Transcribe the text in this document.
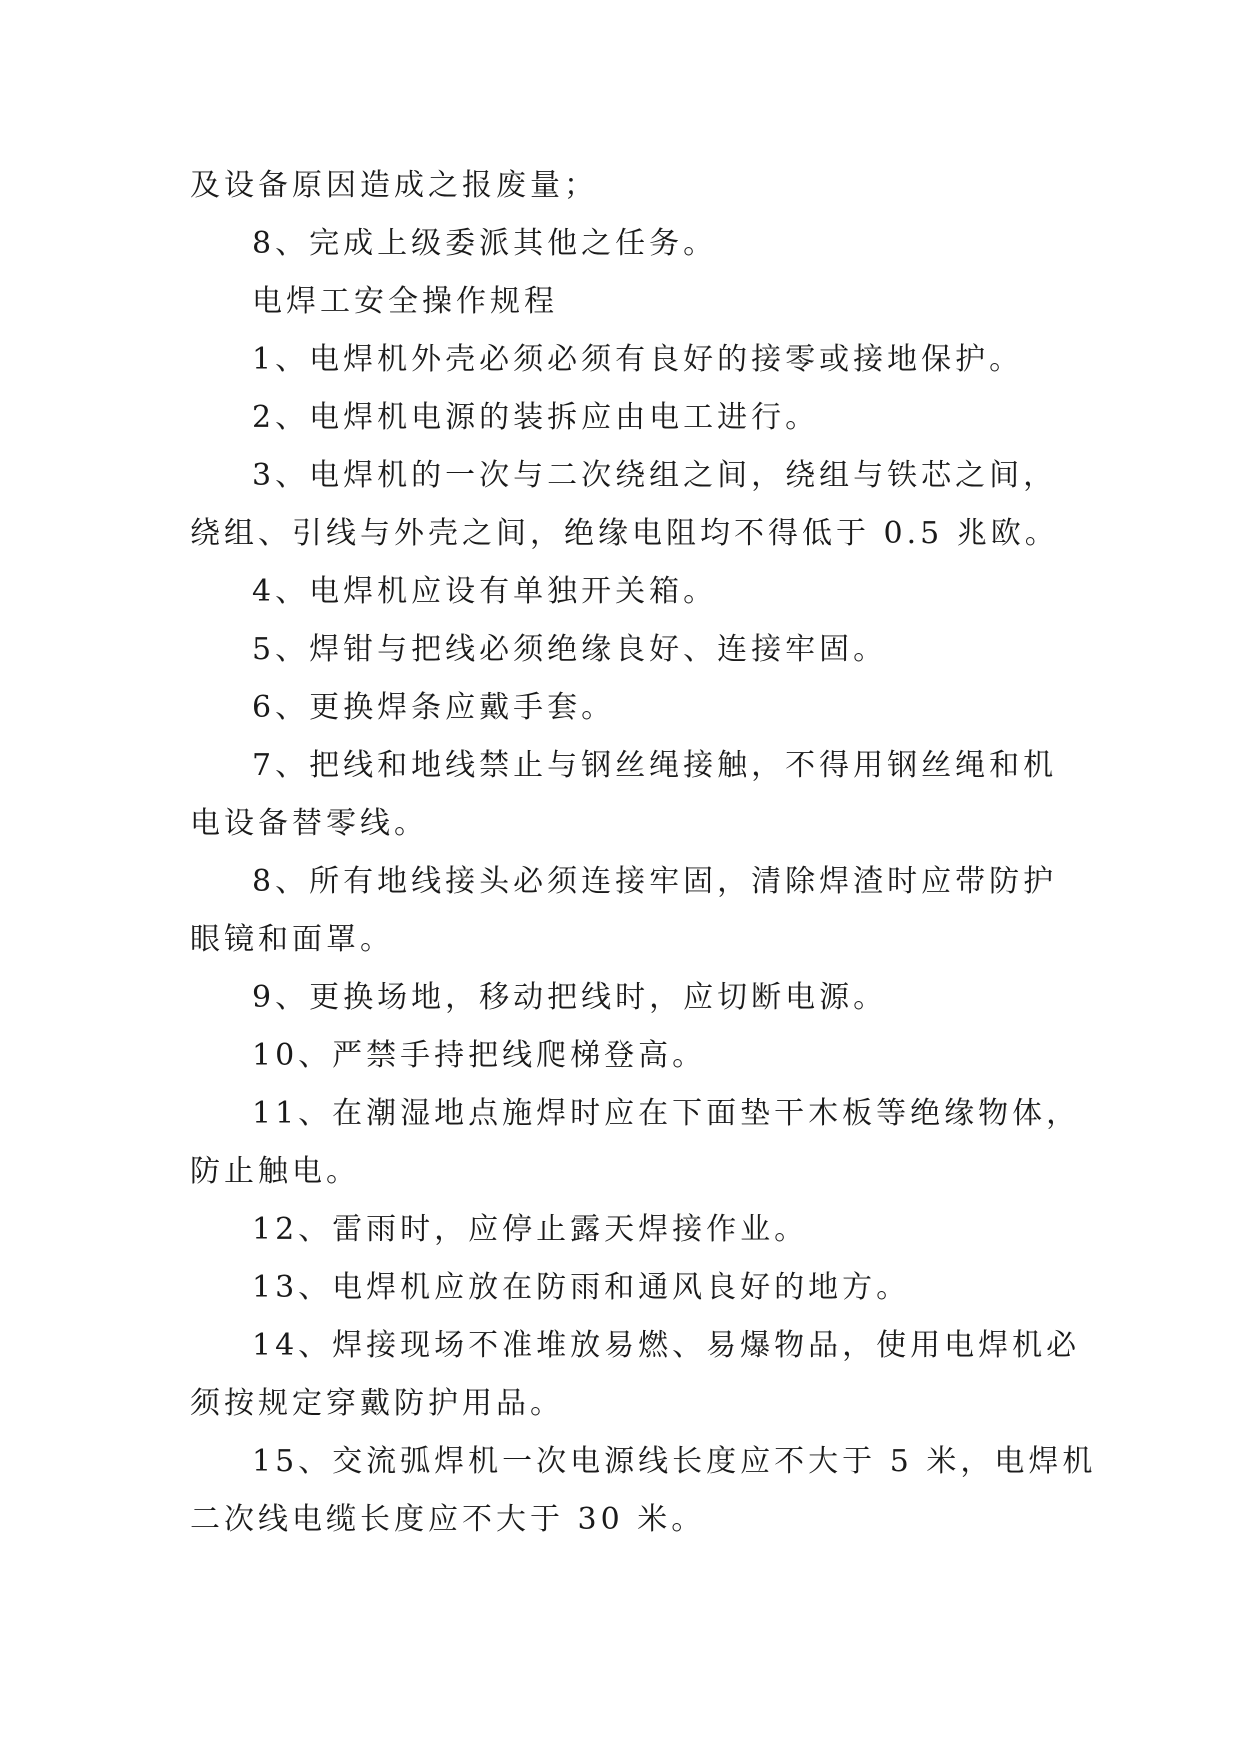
及设备原因造成之报废量；
8、完成上级委派其他之任务。
电焊工安全操作规程
1、电焊机外壳必须必须有良好的接零或接地保护。
2、电焊机电源的装拆应由电工进行。
3、电焊机的一次与二次绕组之间，绕组与铁芯之间，
绕组、引线与外壳之间，绝缘电阻均不得低于 0.5 兆欧。
4、电焊机应设有单独开关箱。
5、焊钳与把线必须绝缘良好、连接牢固。
6、更换焊条应戴手套。
7、把线和地线禁止与钢丝绳接触，不得用钢丝绳和机
电设备替零线。
8、所有地线接头必须连接牢固，清除焊渣时应带防护
眼镜和面罩。
9、更换场地，移动把线时，应切断电源。
10、严禁手持把线爬梯登高。
11、在潮湿地点施焊时应在下面垫干木板等绝缘物体，
防止触电。
12、雷雨时，应停止露天焊接作业。
13、电焊机应放在防雨和通风良好的地方。
14、焊接现场不准堆放易燃、易爆物品，使用电焊机必
须按规定穿戴防护用品。
15、交流弧焊机一次电源线长度应不大于 5 米，电焊机
二次线电缆长度应不大于 30 米。
